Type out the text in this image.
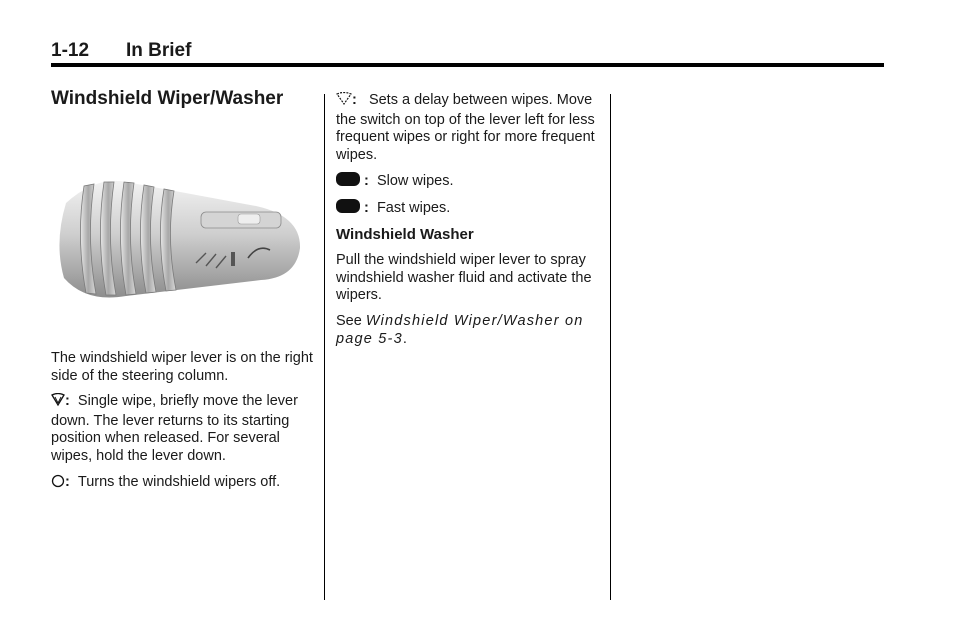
1-12 In Brief
Windshield Wiper/Washer

The windshield wiper lever is on the right side of the steering column.

: Single wipe, briefly move the lever down. The lever returns to its starting position when released. For several wipes, hold the lever down.

: Turns the windshield wipers off.

: Sets a delay between wipes. Move the switch on top of the lever left for less frequent wipes or right for more frequent wipes.

: Slow wipes.

: Fast wipes.

Windshield Washer

Pull the windshield wiper lever to spray windshield washer fluid and activate the wipers.

See Windshield Wiper/Washer on page 5-3.
